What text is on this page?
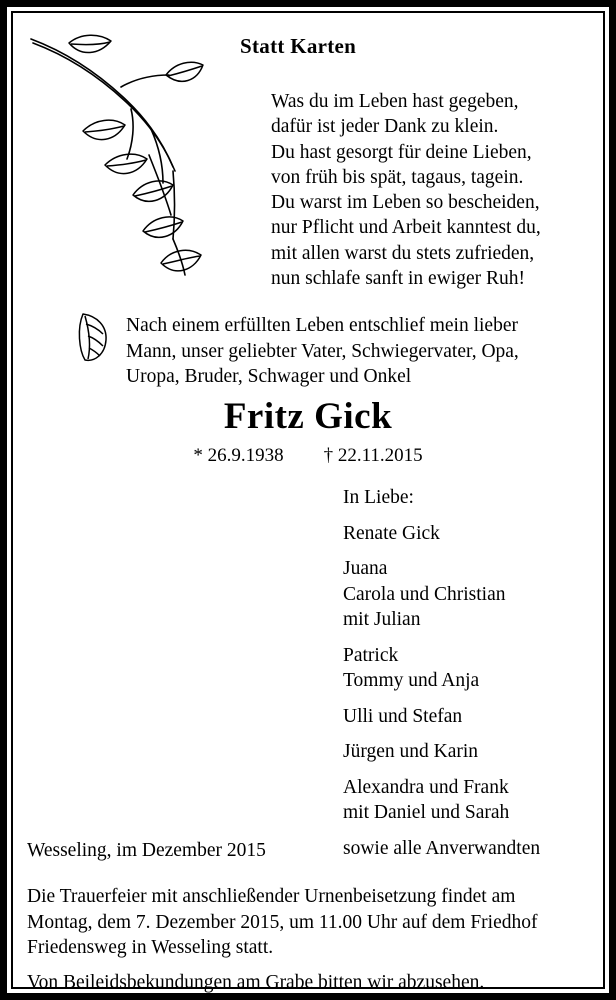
Statt Karten
Was du im Leben hast gegeben,
dafür ist jeder Dank zu klein.
Du hast gesorgt für deine Lieben,
von früh bis spät, tagaus, tagein.
Du warst im Leben so bescheiden,
nur Pflicht und Arbeit kanntest du,
mit allen warst du stets zufrieden,
nun schlafe sanft in ewiger Ruh!
Nach einem erfüllten Leben entschlief mein lieber
Mann, unser geliebter Vater, Schwiegervater, Opa,
Uropa, Bruder, Schwager und Onkel
Fritz Gick
* 26.9.1938 † 22.11.2015
In Liebe:
Renate Gick
Juana
Carola und Christian
mit Julian
Patrick
Tommy und Anja
Ulli und Stefan
Jürgen und Karin
Alexandra und Frank
mit Daniel und Sarah
sowie alle Anverwandten
Wesseling, im Dezember 2015
Die Trauerfeier mit anschließender Urnenbeisetzung findet am
Montag, dem 7. Dezember 2015, um 11.00 Uhr auf dem Friedhof
Friedensweg in Wesseling statt.
Von Beileidsbekundungen am Grabe bitten wir abzusehen.
